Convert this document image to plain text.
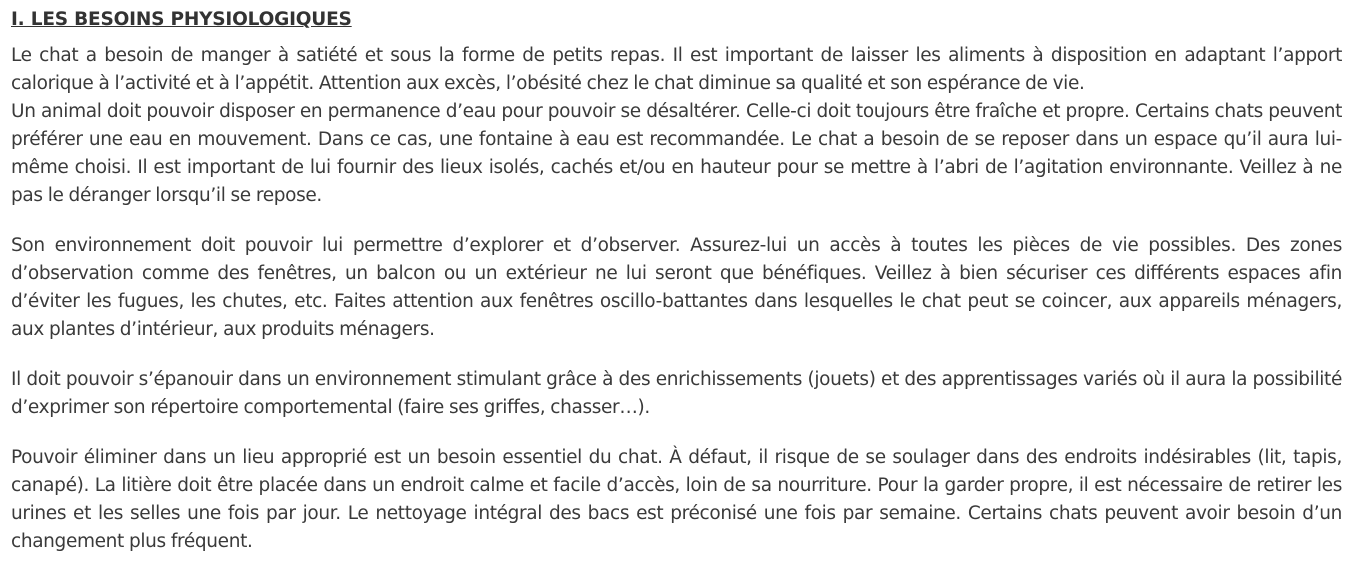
I. LES BESOINS PHYSIOLOGIQUES

Le chat a besoin de manger à satiété et sous la forme de petits repas. Il est important de laisser les aliments à disposition en adaptant l’apport calorique à l’activité et à l’appétit. Attention aux excès, l’obésité chez le chat diminue sa qualité et son espérance de vie.
Un animal doit pouvoir disposer en permanence d’eau pour pouvoir se désaltérer. Celle-ci doit toujours être fraîche et propre. Certains chats peuvent préférer une eau en mouvement. Dans ce cas, une fontaine à eau est recommandée. Le chat a besoin de se reposer dans un espace qu’il aura lui-même choisi. Il est important de lui fournir des lieux isolés, cachés et/ou en hauteur pour se mettre à l’abri de l’agitation environnante. Veillez à ne pas le déranger lorsqu’il se repose.

Son environnement doit pouvoir lui permettre d’explorer et d’observer. Assurez-lui un accès à toutes les pièces de vie possibles. Des zones d’observation comme des fenêtres, un balcon ou un extérieur ne lui seront que bénéfiques. Veillez à bien sécuriser ces différents espaces afin d’éviter les fugues, les chutes, etc. Faites attention aux fenêtres oscillo-battantes dans lesquelles le chat peut se coincer, aux appareils ménagers, aux plantes d’intérieur, aux produits ménagers.

Il doit pouvoir s’épanouir dans un environnement stimulant grâce à des enrichissements (jouets) et des apprentissages variés où il aura la possibilité d’exprimer son répertoire comportemental (faire ses griffes, chasser…).

Pouvoir éliminer dans un lieu approprié est un besoin essentiel du chat. À défaut, il risque de se soulager dans des endroits indésirables (lit, tapis, canapé). La litière doit être placée dans un endroit calme et facile d’accès, loin de sa nourriture. Pour la garder propre, il est nécessaire de retirer les urines et les selles une fois par jour. Le nettoyage intégral des bacs est préconisé une fois par semaine. Certains chats peuvent avoir besoin d’un changement plus fréquent.
